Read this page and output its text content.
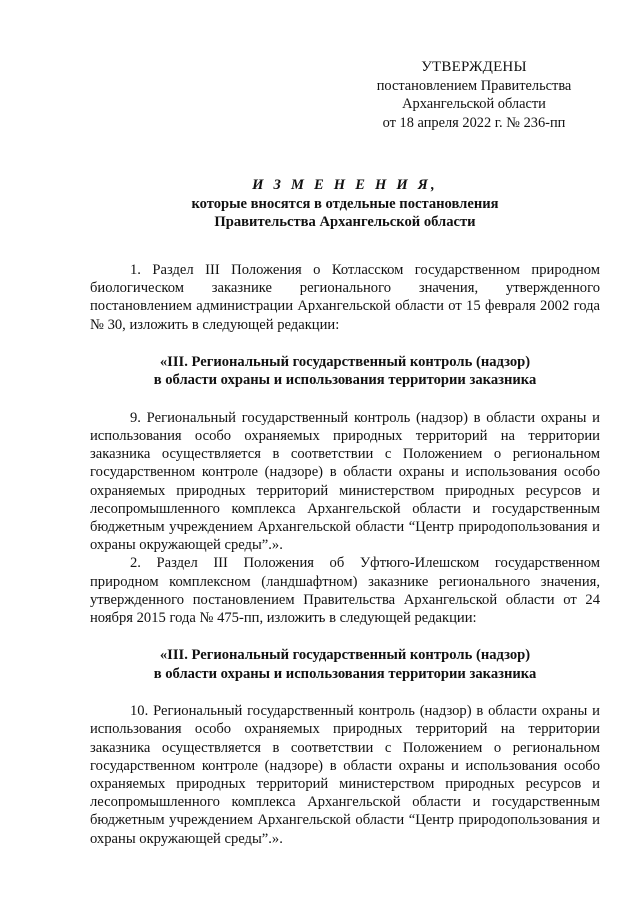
УТВЕРЖДЕНЫ
постановлением Правительства
Архангельской области
от 18 апреля 2022 г. № 236-пп
И З М Е Н Е Н И Я,
которые вносятся в отдельные постановления
Правительства Архангельской области

1. Раздел III Положения о Котласском государственном природном биологическом заказнике регионального значения, утвержденного постановлением администрации Архангельской области от 15 февраля 2002 года № 30, изложить в следующей редакции:

«III. Региональный государственный контроль (надзор)
в области охраны и использования территории заказника

9. Региональный государственный контроль (надзор) в области охраны и использования особо охраняемых природных территорий на территории заказника осуществляется в соответствии с Положением о региональном государственном контроле (надзоре) в области охраны и использования особо охраняемых природных территорий министерством природных ресурсов и лесопромышленного комплекса Архангельской области и государственным бюджетным учреждением Архангельской области “Центр природопользования и охраны окружающей среды”.».

2. Раздел III Положения об Уфтюго-Илешском государственном природном комплексном (ландшафтном) заказнике регионального значения, утвержденного постановлением Правительства Архангельской области от 24 ноября 2015 года № 475-пп, изложить в следующей редакции:

«III. Региональный государственный контроль (надзор)
в области охраны и использования территории заказника

10. Региональный государственный контроль (надзор) в области охраны и использования особо охраняемых природных территорий на территории заказника осуществляется в соответствии с Положением о региональном государственном контроле (надзоре) в области охраны и использования особо охраняемых природных территорий министерством природных ресурсов и лесопромышленного комплекса Архангельской области и государственным бюджетным учреждением Архангельской области “Центр природопользования и охраны окружающей среды”.».
